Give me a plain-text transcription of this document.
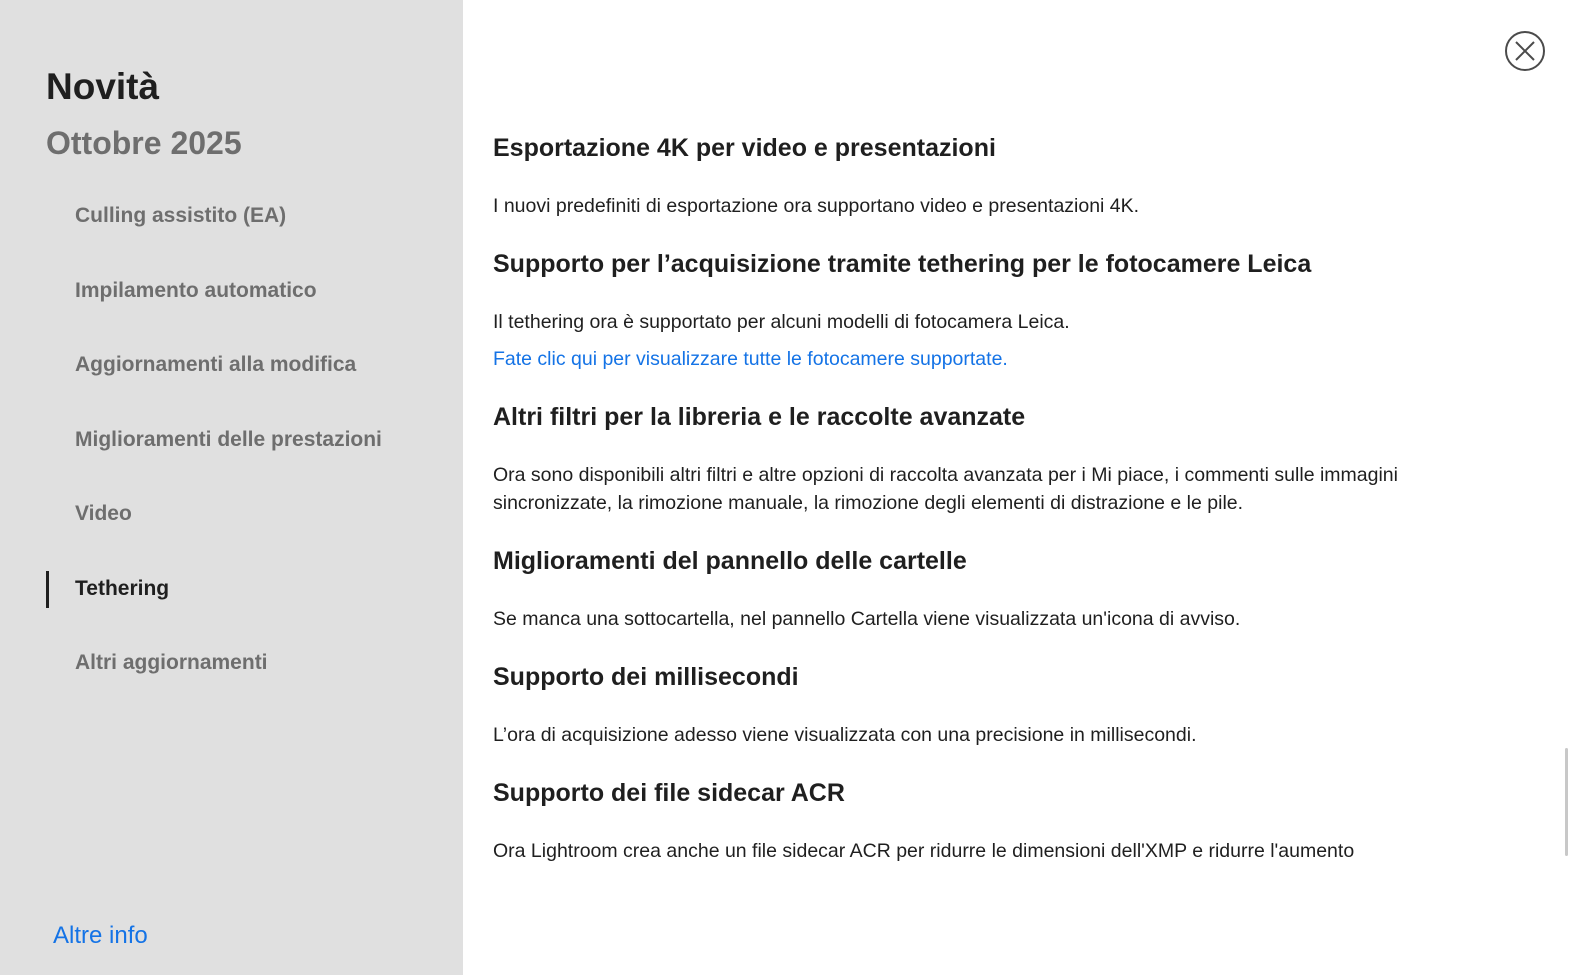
Novità
Ottobre 2025
Culling assistito (EA)
Impilamento automatico
Aggiornamenti alla modifica
Miglioramenti delle prestazioni
Video
Tethering
Altri aggiornamenti
Altre info
Esportazione 4K per video e presentazioni

I nuovi predefiniti di esportazione ora supportano video e presentazioni 4K.

Supporto per l’acquisizione tramite tethering per le fotocamere Leica

Il tethering ora è supportato per alcuni modelli di fotocamera Leica.

Fate clic qui per visualizzare tutte le fotocamere supportate.
Altri filtri per la libreria e le raccolte avanzate

Ora sono disponibili altri filtri e altre opzioni di raccolta avanzata per i Mi piace, i commenti sulle immagini sincronizzate, la rimozione manuale, la rimozione degli elementi di distrazione e le pile.

Miglioramenti del pannello delle cartelle

Se manca una sottocartella, nel pannello Cartella viene visualizzata un'icona di avviso.

Supporto dei millisecondi

L’ora di acquisizione adesso viene visualizzata con una precisione in millisecondi.

Supporto dei file sidecar ACR

Ora Lightroom crea anche un file sidecar ACR per ridurre le dimensioni dell'XMP e ridurre l'aumento
